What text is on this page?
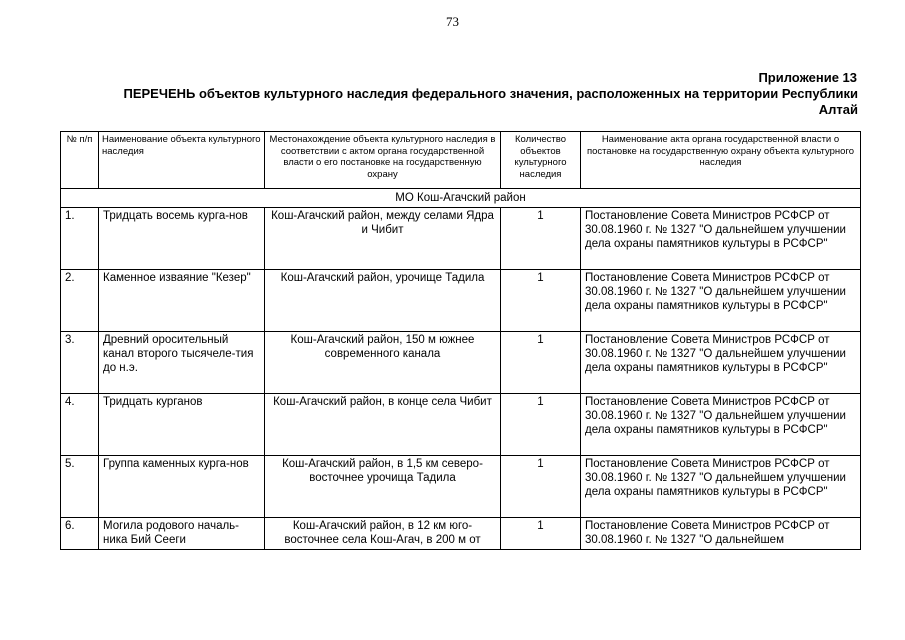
73
Приложение 13
ПЕРЕЧЕНЬ объектов культурного наследия федерального значения, расположенных на территории Республики
Алтай
№ п/п	Наименование объекта культурного наследия	Местонахождение объекта культурного наследия в соответствии с актом органа государственной власти о его постановке на государственную охрану	Количество объектов культурного наследия	Наименование акта органа государственной власти о постановке на государственную охрану объекта культурного наследия
МО Кош-Агачский район				
1.	Тридцать восемь курга-нов	Кош-Агачский район, между селами Ядра и Чибит	1	Постановление Совета Министров РСФСР от 30.08.1960 г. № 1327 "О дальнейшем улучшении дела охраны памятников культуры в РСФСР"
2.	Каменное изваяние "Кезер"	Кош-Агачский район, урочище Тадила	1	Постановление Совета Министров РСФСР от 30.08.1960 г. № 1327 "О дальнейшем улучшении дела охраны памятников культуры в РСФСР"
3.	Древний оросительный канал второго тысячеле-тия до н.э.	Кош-Агачский район, 150 м южнее современного канала	1	Постановление Совета Министров РСФСР от 30.08.1960 г. № 1327 "О дальнейшем улучшении дела охраны памятников культуры в РСФСР"
4.	Тридцать курганов	Кош-Агачский район, в конце села Чибит	1	Постановление Совета Министров РСФСР от 30.08.1960 г. № 1327 "О дальнейшем улучшении дела охраны памятников культуры в РСФСР"
5.	Группа каменных курга-нов	Кош-Агачский район, в 1,5 км северо-восточнее урочища Тадила	1	Постановление Совета Министров РСФСР от 30.08.1960 г. № 1327 "О дальнейшем улучшении дела охраны памятников культуры в РСФСР"
6.	Могила родового началь-ника Бий Сееги	Кош-Агачский район, в 12 км юго-восточнее села Кош-Агач, в 200 м от	1	Постановление Совета Министров РСФСР от 30.08.1960 г. № 1327 "О дальнейшем
